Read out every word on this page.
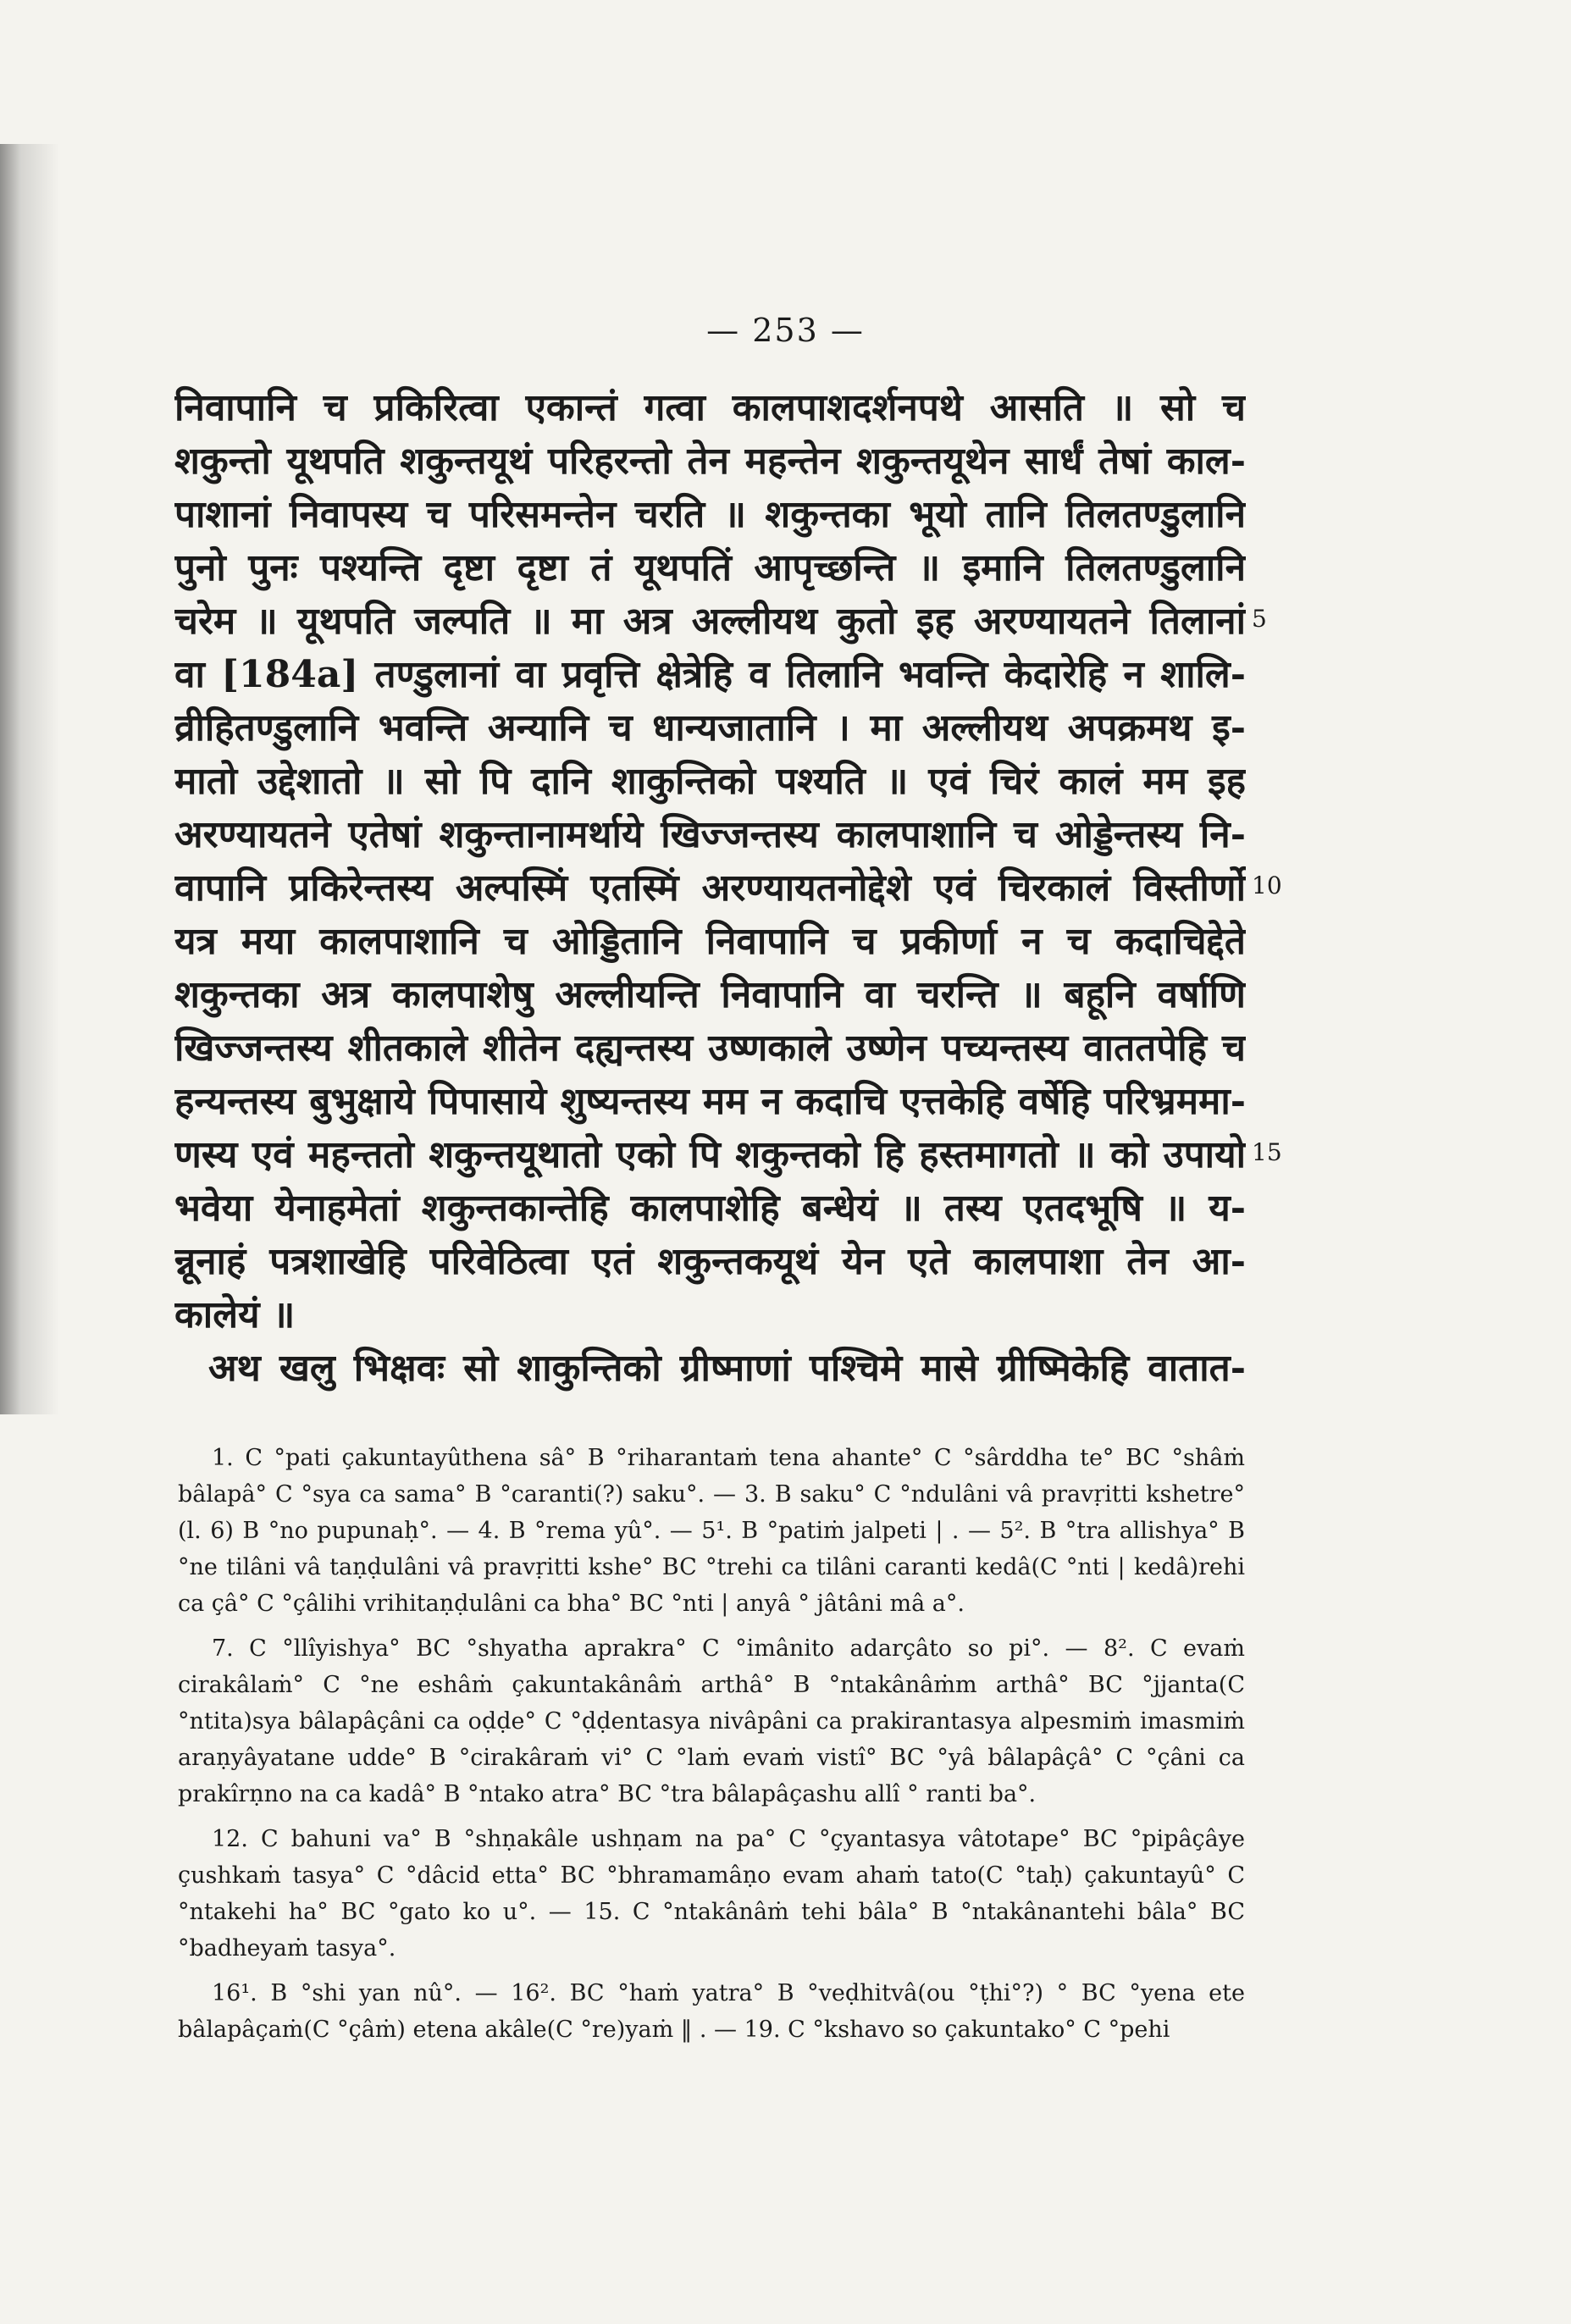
— 253 —
निवापानि च प्रकिरित्वा एकान्तं गत्वा कालपाशदर्शनपथे आसति ॥ सो च
शकुन्तो यूथपति शकुन्तयूथं परिहरन्तो तेन महन्तेन शकुन्तयूथेन सार्धं तेषां काल-
पाशानां निवापस्य च परिसमन्तेन चरति ॥ शकुन्तका भूयो तानि तिलतण्डुलानि
पुनो पुनः पश्यन्ति दृष्टा दृष्टा तं यूथपतिं आपृच्छन्ति ॥ इमानि तिलतण्डुलानि
चरेम ॥ यूथपति जल्पति ॥ मा अत्र अल्लीयथ कुतो इह अरण्यायतने तिलानां
वा [184a] तण्डुलानां वा प्रवृत्ति क्षेत्रेहि व तिलानि भवन्ति केदारेहि न शालि-
व्रीहितण्डुलानि भवन्ति अन्यानि च धान्यजातानि । मा अल्लीयथ अपक्रमथ इ-
मातो उद्देशातो ॥ सो पि दानि शाकुन्तिको पश्यति ॥ एवं चिरं कालं मम इह
अरण्यायतने एतेषां शकुन्तानामर्थाये खिज्जन्तस्य कालपाशानि च ओड्डेन्तस्य नि-
वापानि प्रकिरेन्तस्य अल्पस्मिं एतस्मिं अरण्यायतनोद्देशे एवं चिरकालं विस्तीर्णो
यत्र मया कालपाशानि च ओड्डितानि निवापानि च प्रकीर्णा न च कदाचिद्देते
शकुन्तका अत्र कालपाशेषु अल्लीयन्ति निवापानि वा चरन्ति ॥ बहूनि वर्षाणि
खिज्जन्तस्य शीतकाले शीतेन दह्यन्तस्य उष्णकाले उष्णेन पच्यन्तस्य वाततपेहि च
हन्यन्तस्य बुभुक्षाये पिपासाये शुष्यन्तस्य मम न कदाचि एत्तकेहि वर्षेहि परिभ्रममा-
णस्य एवं महन्ततो शकुन्तयूथातो एको पि शकुन्तको हि हस्तमागतो ॥ को उपायो
भवेया येनाहमेतां शकुन्तकान्तेहि कालपाशेहि बन्धेयं ॥ तस्य एतदभूषि ॥ य-
न्नूनाहं पत्रशाखेहि परिवेठित्वा एतं शकुन्तकयूथं येन एते कालपाशा तेन आ-
कालेयं ॥
अथ खलु भिक्षवः सो शाकुन्तिको ग्रीष्माणां पश्चिमे मासे ग्रीष्मिकेहि वातात-
5
10
15
1. C °pati çakuntayûthena sâ° B °riharantaṁ tena ahante° C °sârddha te° BC °shâṁ bâlapâ° C °sya ca sama° B °caranti(?) saku°. — 3. B saku° C °ndulâni vâ pravṛitti kshetre° (l. 6) B °no pupunaḥ°. — 4. B °rema yû°. — 5¹. B °patiṁ jalpeti | . — 5². B °tra allishya° B °ne tilâni vâ taṇḍulâni vâ pravṛitti kshe° BC °trehi ca tilâni caranti kedâ(C °nti | kedâ)rehi ca çâ° C °çâlihi vrihitaṇḍulâni ca bha° BC °nti | anyâ ° jâtâni mâ a°.
7. C °llîyishya° BC °shyatha aprakra° C °imânito adarçâto so pi°. — 8². C evaṁ cirakâlaṁ° C °ne eshâṁ çakuntakânâṁ arthâ° B °ntakânâṁm arthâ° BC °jjanta(C °ntita)sya bâlapâçâni ca oḍḍe° C °ḍḍentasya nivâpâni ca prakirantasya alpesmiṁ imasmiṁ araṇyâyatane udde° B °cirakâraṁ vi° C °laṁ evaṁ vistî° BC °yâ bâlapâçâ° C °çâni ca prakîrṇno na ca kadâ° B °ntako atra° BC °tra bâlapâçashu allî ° ranti ba°.
12. C bahuni va° B °shṇakâle ushṇam na pa° C °çyantasya vâtotape° BC °pipâçâye çushkaṁ tasya° C °dâcid etta° BC °bhramamâṇo evam ahaṁ tato(C °taḥ) çakuntayû° C °ntakehi ha° BC °gato ko u°. — 15. C °ntakânâṁ tehi bâla° B °ntakânantehi bâla° BC °badheyaṁ tasya°.
16¹. B °shi yan nû°. — 16². BC °haṁ yatra° B °veḍhitvâ(ou °ṭhi°?) ° BC °yena ete bâlapâçaṁ(C °çâṁ) etena akâle(C °re)yaṁ ‖ . — 19. C °kshavo so çakuntako° C °pehi
